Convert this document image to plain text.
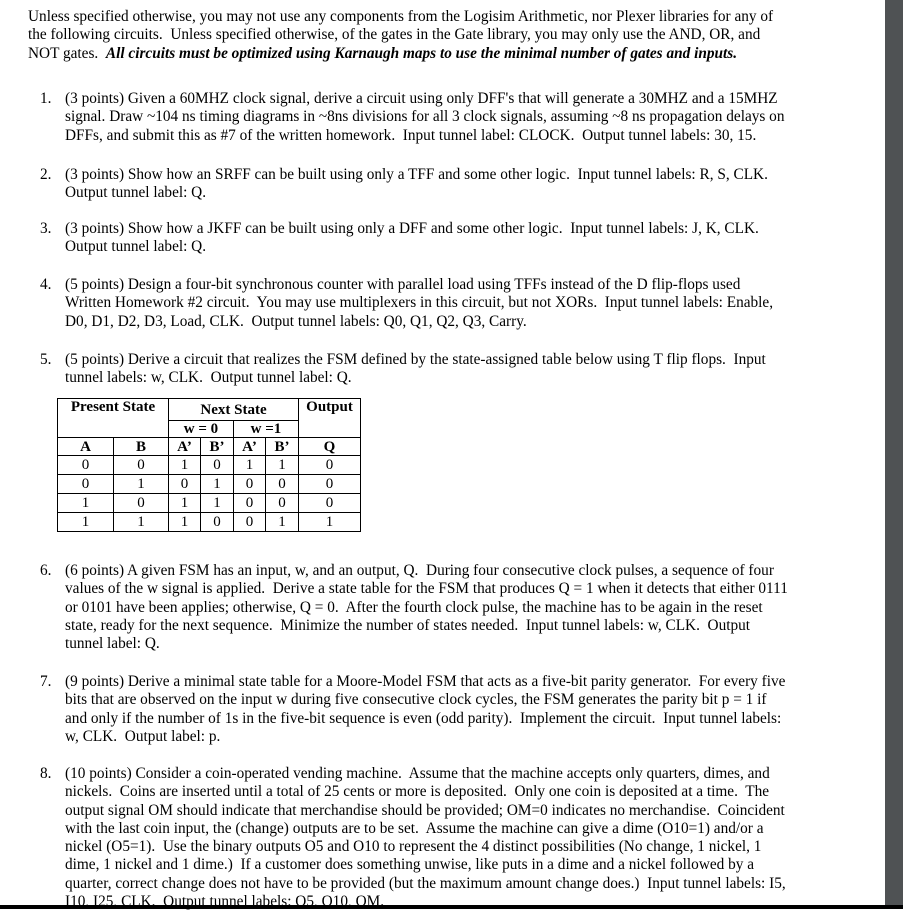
Unless specified otherwise, you may not use any components from the Logisim Arithmetic, nor Plexer libraries for any of
the following circuits.  Unless specified otherwise, of the gates in the Gate library, you may only use the AND, OR, and
NOT gates.  All circuits must be optimized using Karnaugh maps to use the minimal number of gates and inputs.
1. (3 points) Given a 60MHZ clock signal, derive a circuit using only DFF's that will generate a 30MHZ and a 15MHZ
signal. Draw ~104 ns timing diagrams in ~8ns divisions for all 3 clock signals, assuming ~8 ns propagation delays on
DFFs, and submit this as #7 of the written homework.  Input tunnel label: CLOCK.  Output tunnel labels: 30, 15.
2. (3 points) Show how an SRFF can be built using only a TFF and some other logic.  Input tunnel labels: R, S, CLK.
Output tunnel label: Q.
3. (3 points) Show how a JKFF can be built using only a DFF and some other logic.  Input tunnel labels: J, K, CLK.
Output tunnel label: Q.
4. (5 points) Design a four-bit synchronous counter with parallel load using TFFs instead of the D flip-flops used
Written Homework #2 circuit.  You may use multiplexers in this circuit, but not XORs.  Input tunnel labels: Enable,
D0, D1, D2, D3, Load, CLK.  Output tunnel labels: Q0, Q1, Q2, Q3, Carry.
5. (5 points) Derive a circuit that realizes the FSM defined by the state-assigned table below using T flip flops.  Input
tunnel labels: w, CLK.  Output tunnel label: Q.
6. (6 points) A given FSM has an input, w, and an output, Q.  During four consecutive clock pulses, a sequence of four
values of the w signal is applied.  Derive a state table for the FSM that produces Q = 1 when it detects that either 0111
or 0101 have been applies; otherwise, Q = 0.  After the fourth clock pulse, the machine has to be again in the reset
state, ready for the next sequence.  Minimize the number of states needed.  Input tunnel labels: w, CLK.  Output
tunnel label: Q.
7. (9 points) Derive a minimal state table for a Moore-Model FSM that acts as a five-bit parity generator.  For every five
bits that are observed on the input w during five consecutive clock cycles, the FSM generates the parity bit p = 1 if
and only if the number of 1s in the five-bit sequence is even (odd parity).  Implement the circuit.  Input tunnel labels:
w, CLK.  Output label: p.
8. (10 points) Consider a coin-operated vending machine.  Assume that the machine accepts only quarters, dimes, and
nickels.  Coins are inserted until a total of 25 cents or more is deposited.  Only one coin is deposited at a time.  The
output signal OM should indicate that merchandise should be provided; OM=0 indicates no merchandise.  Coincident
with the last coin input, the (change) outputs are to be set.  Assume the machine can give a dime (O10=1) and/or a
nickel (O5=1).  Use the binary outputs O5 and O10 to represent the 4 distinct possibilities (No change, 1 nickel, 1
dime, 1 nickel and 1 dime.)  If a customer does something unwise, like puts in a dime and a nickel followed by a
quarter, correct change does not have to be provided (but the maximum amount change does.)  Input tunnel labels: I5,
I10, I25, CLK.  Output tunnel labels: O5, O10, OM.
Present State		Next State				Output
		w = 0		w =1		
A	B	A’	B’	A’	B’	Q
0	0	1	0	1	1	0
0	1	0	1	0	0	0
1	0	1	1	0	0	0
1	1	1	0	0	1	1
